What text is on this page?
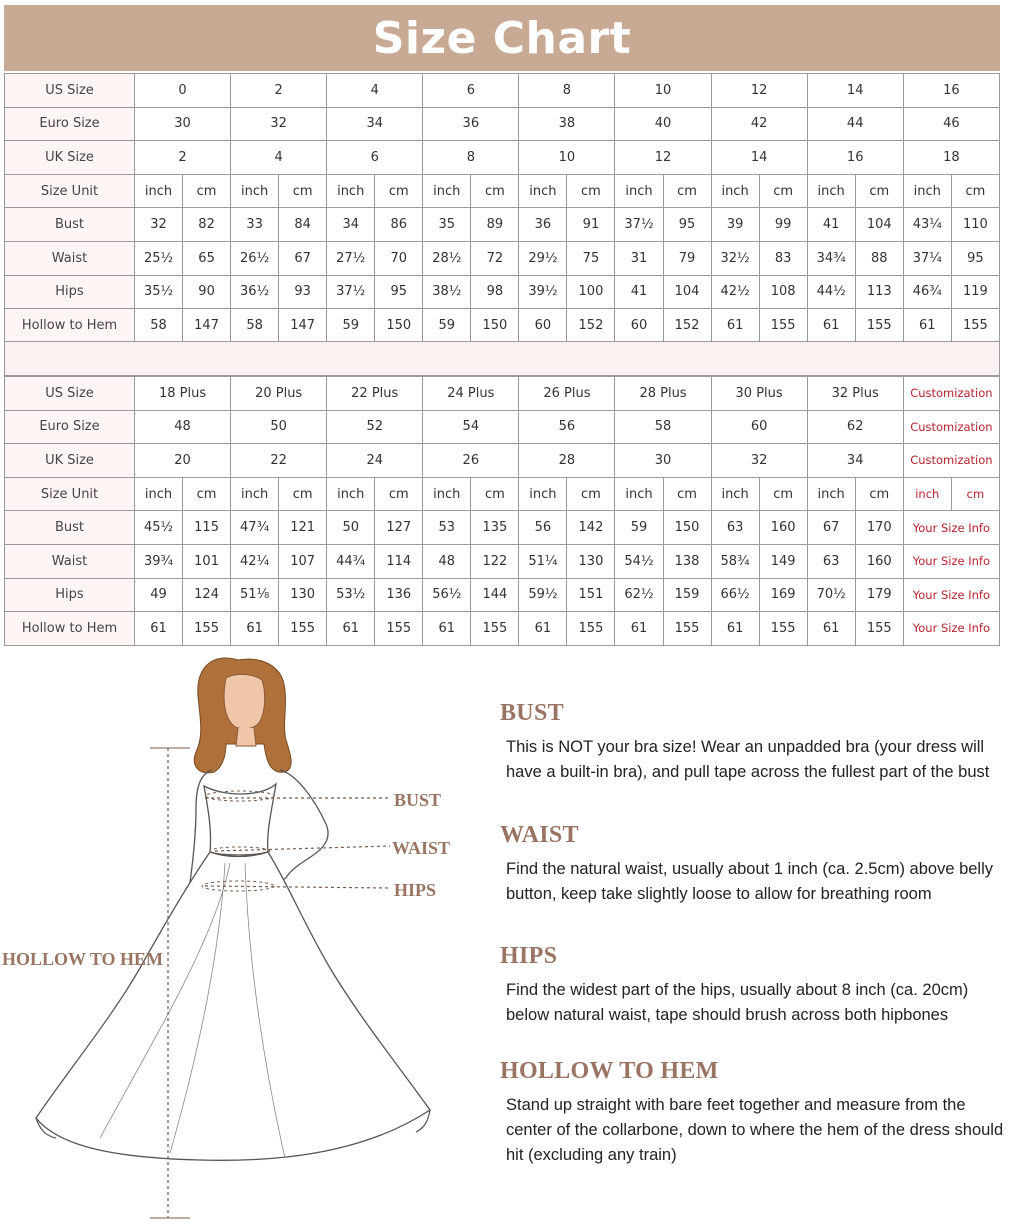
Size Chart
US Size	0		2		4		6		8		10		12		14		16	
Euro Size	30		32		34		36		38		40		42		44		46	
UK Size	2		4		6		8		10		12		14		16		18	
Size Unit	inch	cm	inch	cm	inch	cm	inch	cm	inch	cm	inch	cm	inch	cm	inch	cm	inch	cm
Bust	32	82	33	84	34	86	35	89	36	91	37½	95	39	99	41	104	43¼	110
Waist	25½	65	26½	67	27½	70	28½	72	29½	75	31	79	32½	83	34¾	88	37¼	95
Hips	35½	90	36½	93	37½	95	38½	98	39½	100	41	104	42½	108	44½	113	46¾	119
Hollow to Hem	58	147	58	147	59	150	59	150	60	152	60	152	61	155	61	155	61	155
US Size	18 Plus		20 Plus		22 Plus		24 Plus		26 Plus		28 Plus		30 Plus		32 Plus		Customization	
Euro Size	48		50		52		54		56		58		60		62		Customization	
UK Size	20		22		24		26		28		30		32		34		Customization	
Size Unit	inch	cm	inch	cm	inch	cm	inch	cm	inch	cm	inch	cm	inch	cm	inch	cm	inch	cm
Bust	45½	115	47¾	121	50	127	53	135	56	142	59	150	63	160	67	170	Your Size Info	
Waist	39¾	101	42¼	107	44¾	114	48	122	51¼	130	54½	138	58¾	149	63	160	Your Size Info	
Hips	49	124	51⅛	130	53½	136	56½	144	59½	151	62½	159	66½	169	70½	179	Your Size Info	
Hollow to Hem	61	155	61	155	61	155	61	155	61	155	61	155	61	155	61	155	Your Size Info	
BUST
WAIST
HIPS
HOLLOW TO HEM
BUST

This is NOT your bra size! Wear an unpadded bra (your dress will have a built-in bra), and pull tape across the fullest part of the bust

WAIST

Find the natural waist, usually about 1 inch (ca. 2.5cm) above belly button, keep take slightly loose to allow for breathing room

HIPS

Find the widest part of the hips, usually about 8 inch (ca. 20cm) below natural waist, tape should brush across both hipbones

HOLLOW TO HEM

Stand up straight with bare feet together and measure from the center of the collarbone, down to where the hem of the dress should hit (excluding any train)
